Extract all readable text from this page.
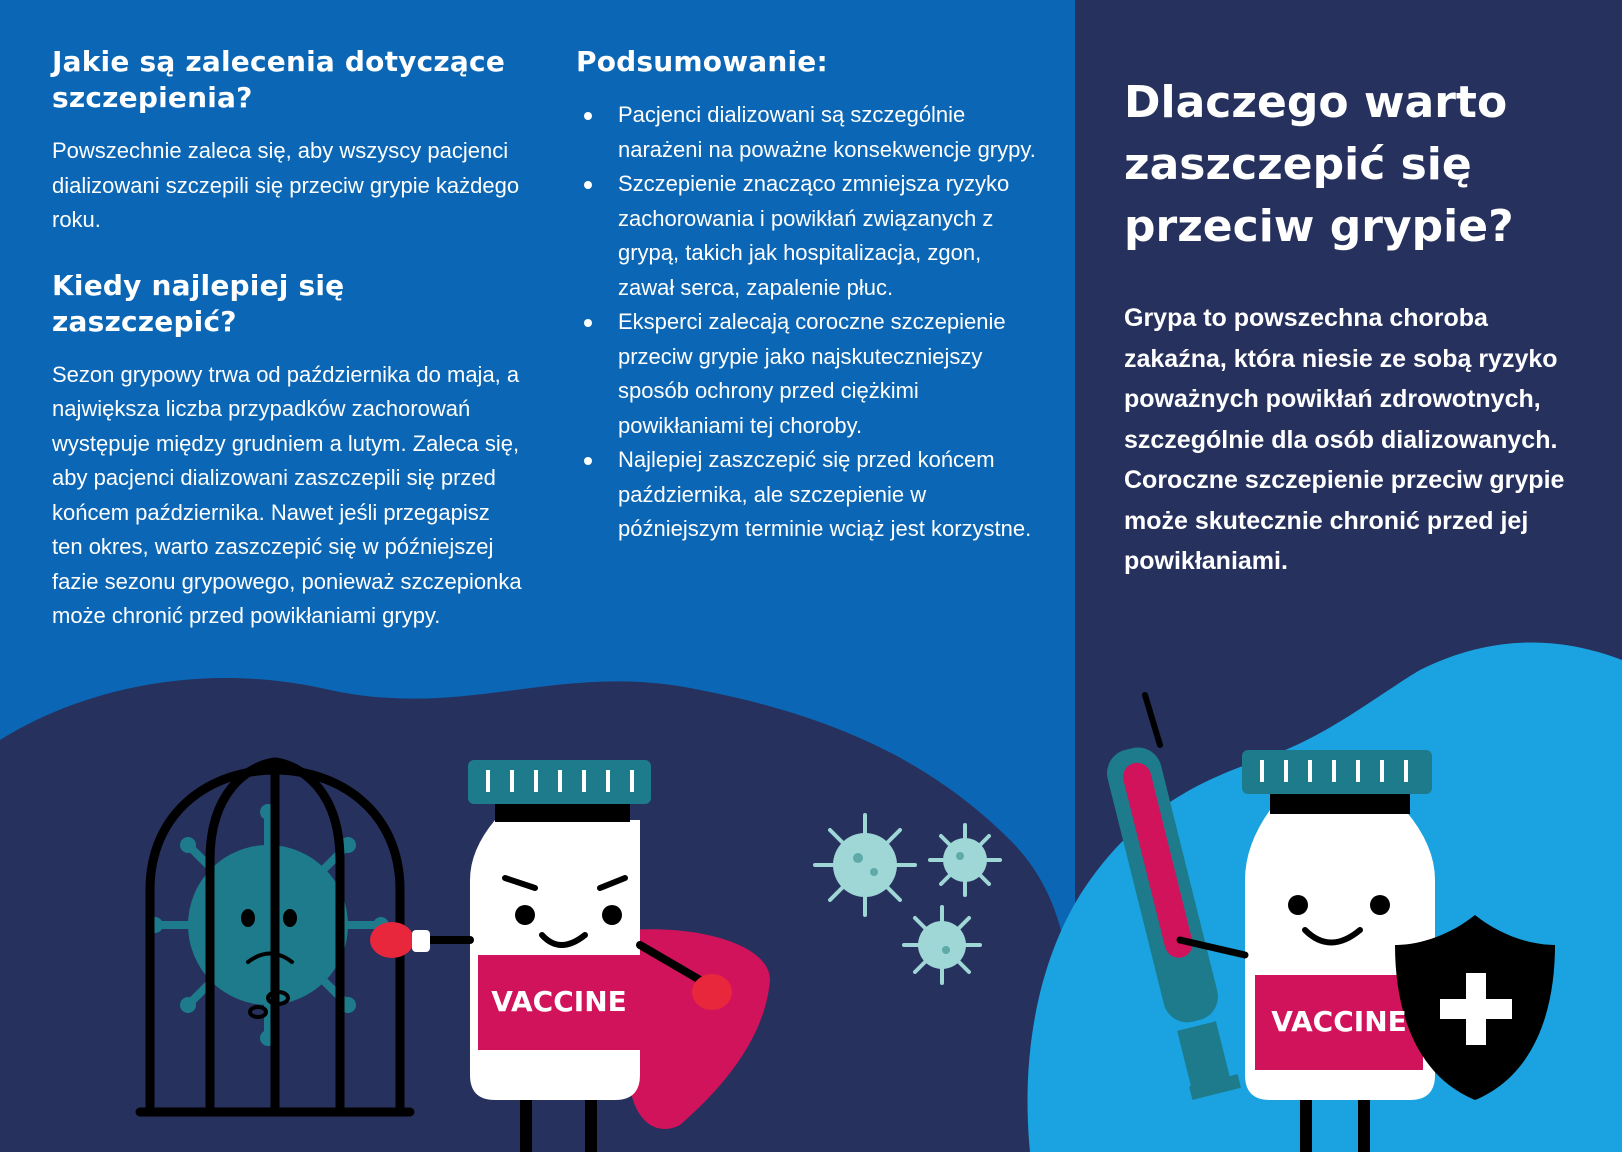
VACCINE
VACCINE
Jakie są zalecenia dotyczące szczepienia?

Powszechnie zaleca się, aby wszyscy pacjenci dializowani szczepili się przeciw grypie każdego roku.

Kiedy najlepiej się zaszczepić?

Sezon grypowy trwa od października do maja, a największa liczba przypadków zachorowań występuje między grudniem a lutym. Zaleca się, aby pacjenci dializowani zaszczepili się przed końcem października. Nawet jeśli przegapisz ten okres, warto zaszczepić się w późniejszej fazie sezonu grypowego, ponieważ szczepionka może chronić przed powikłaniami grypy.

Podsumowanie:
Pacjenci dializowani są szczególnie narażeni na poważne konsekwencje grypy.
Szczepienie znacząco zmniejsza ryzyko zachorowania i powikłań związanych z grypą, takich jak hospitalizacja, zgon, zawał serca, zapalenie płuc.
Eksperci zalecają coroczne szczepienie przeciw grypie jako najskuteczniejszy sposób ochrony przed ciężkimi powikłaniami tej choroby.
Najlepiej zaszczepić się przed końcem października, ale szczepienie w późniejszym terminie wciąż jest korzystne.
Dlaczego warto zaszczepić się przeciw grypie?

Grypa to powszechna choroba zakaźna, która niesie ze sobą ryzyko poważnych powikłań zdrowotnych, szczególnie dla osób dializowanych. Coroczne szczepienie przeciw grypie może skutecznie chronić przed jej powikłaniami.
